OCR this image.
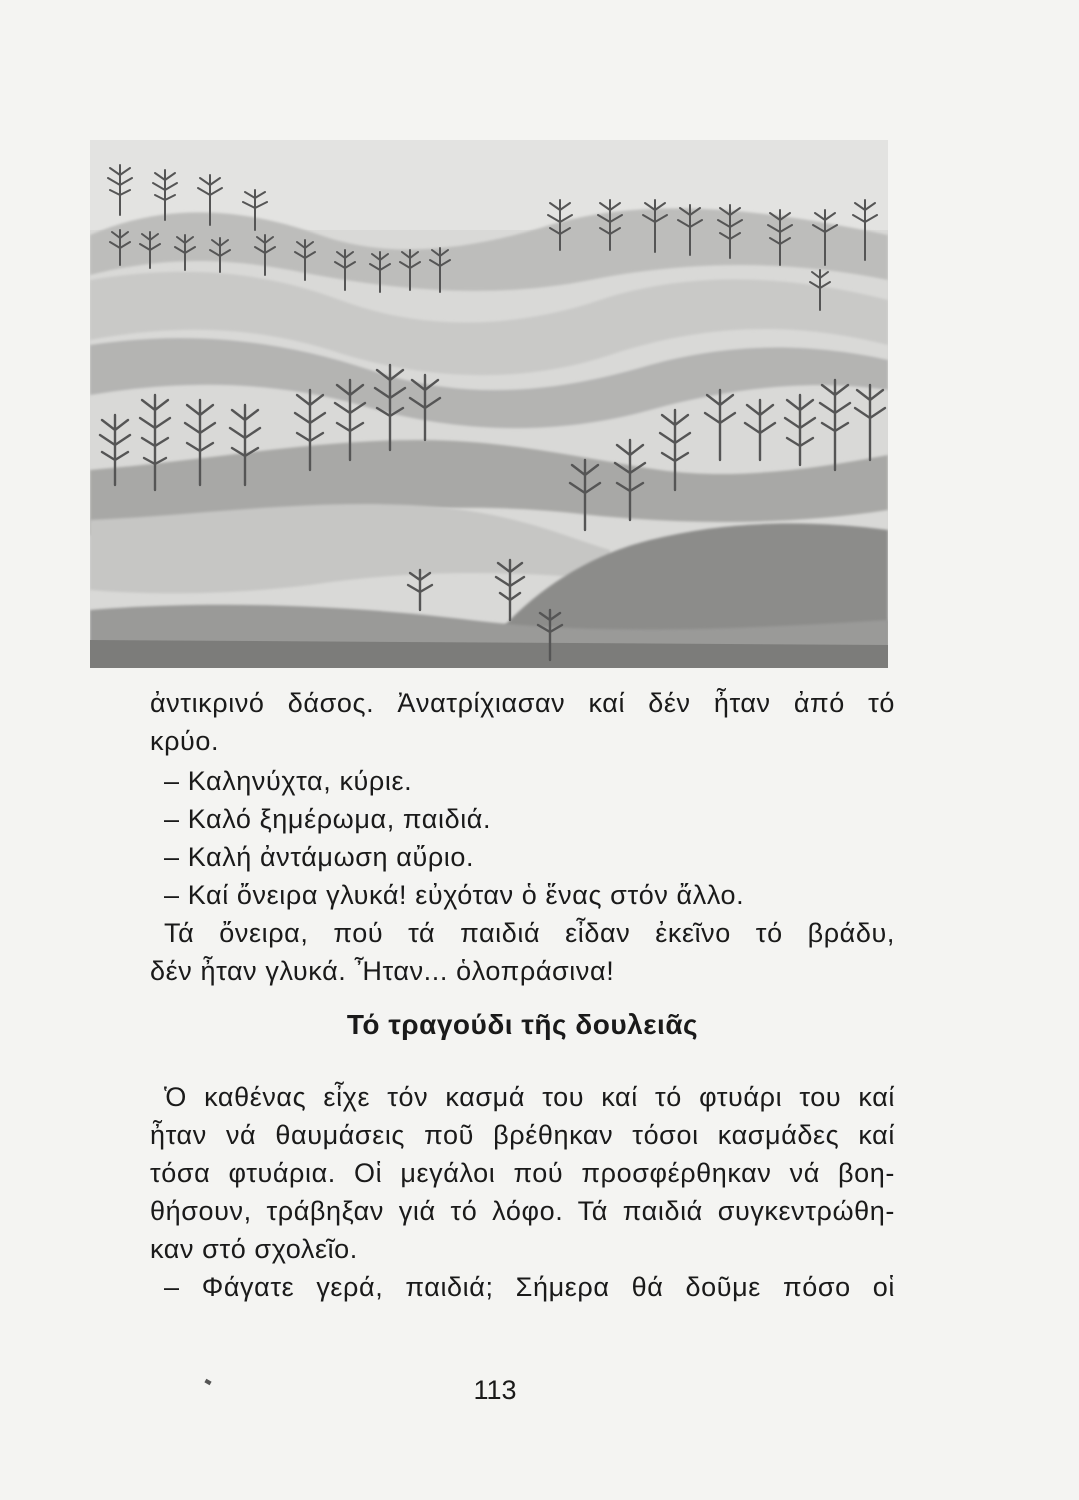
ἀντικρινό δάσος. Ἀνατρίχιασαν καί δέν ἦταν ἀπό τό
κρύο.
– Καληνύχτα, κύριε.
– Καλό ξημέρωμα, παιδιά.
– Καλή ἀντάμωση αὔριο.
– Καί ὄνειρα γλυκά! εὐχόταν ὁ ἕνας στόν ἄλλο.
Τά ὄνειρα, πού τά παιδιά εἶδαν ἐκεῖνο τό βράδυ,
δέν ἦταν γλυκά. Ἦταν... ὁλοπράσινα!
Τό τραγούδι τῆς δουλειᾶς
Ὁ καθένας εἶχε τόν κασμά του καί τό φτυάρι του καί
ἦταν νά θαυμάσεις ποῦ βρέθηκαν τόσοι κασμάδες καί
τόσα φτυάρια. Οἱ μεγάλοι πού προσφέρθηκαν νά βοη-
θήσουν, τράβηξαν γιά τό λόφο. Τά παιδιά συγκεντρώθη-
καν στό σχολεῖο.
– Φάγατε γερά, παιδιά; Σήμερα θά δοῦμε πόσο οἱ
113
